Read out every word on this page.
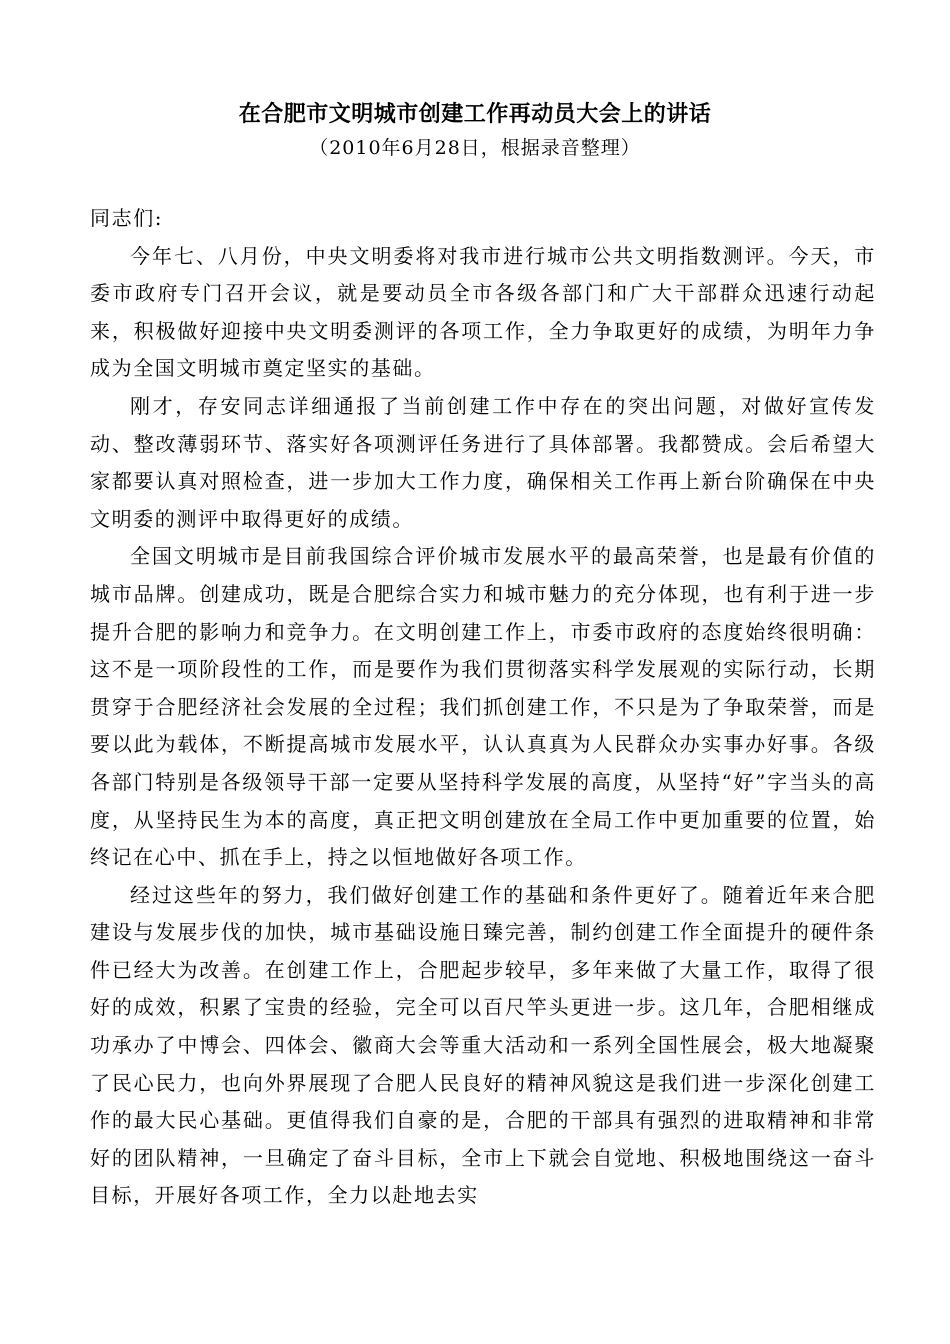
在合肥市文明城市创建工作再动员大会上的讲话
（2010年6月28日，根据录音整理）

同志们:

今年七、八月份，中央文明委将对我市进行城市公共文明指数测评。今天，市委市政府专门召开会议，就是要动员全市各级各部门和广大干部群众迅速行动起来，积极做好迎接中央文明委测评的各项工作，全力争取更好的成绩，为明年力争成为全国文明城市奠定坚实的基础。

刚才，存安同志详细通报了当前创建工作中存在的突出问题，对做好宣传发动、整改薄弱环节、落实好各项测评任务进行了具体部署。我都赞成。会后希望大家都要认真对照检查，进一步加大工作力度，确保相关工作再上新台阶确保在中央文明委的测评中取得更好的成绩。

全国文明城市是目前我国综合评价城市发展水平的最高荣誉，也是最有价值的城市品牌。创建成功，既是合肥综合实力和城市魅力的充分体现，也有利于进一步提升合肥的影响力和竞争力。在文明创建工作上，市委市政府的态度始终很明确：这不是一项阶段性的工作，而是要作为我们贯彻落实科学发展观的实际行动，长期贯穿于合肥经济社会发展的全过程；我们抓创建工作，不只是为了争取荣誉，而是要以此为载体，不断提高城市发展水平，认认真真为人民群众办实事办好事。各级各部门特别是各级领导干部一定要从坚持科学发展的高度，从坚持“好”字当头的高度，从坚持民生为本的高度，真正把文明创建放在全局工作中更加重要的位置，始终记在心中、抓在手上，持之以恒地做好各项工作。

经过这些年的努力，我们做好创建工作的基础和条件更好了。随着近年来合肥建设与发展步伐的加快，城市基础设施日臻完善，制约创建工作全面提升的硬件条件已经大为改善。在创建工作上，合肥起步较早，多年来做了大量工作，取得了很好的成效，积累了宝贵的经验，完全可以百尺竿头更进一步。这几年，合肥相继成功承办了中博会、四体会、徽商大会等重大活动和一系列全国性展会，极大地凝聚了民心民力，也向外界展现了合肥人民良好的精神风貌这是我们进一步深化创建工作的最大民心基础。更值得我们自豪的是，合肥的干部具有强烈的进取精神和非常好的团队精神，一旦确定了奋斗目标，全市上下就会自觉地、积极地围绕这一奋斗目标，开展好各项工作，全力以赴地去实
